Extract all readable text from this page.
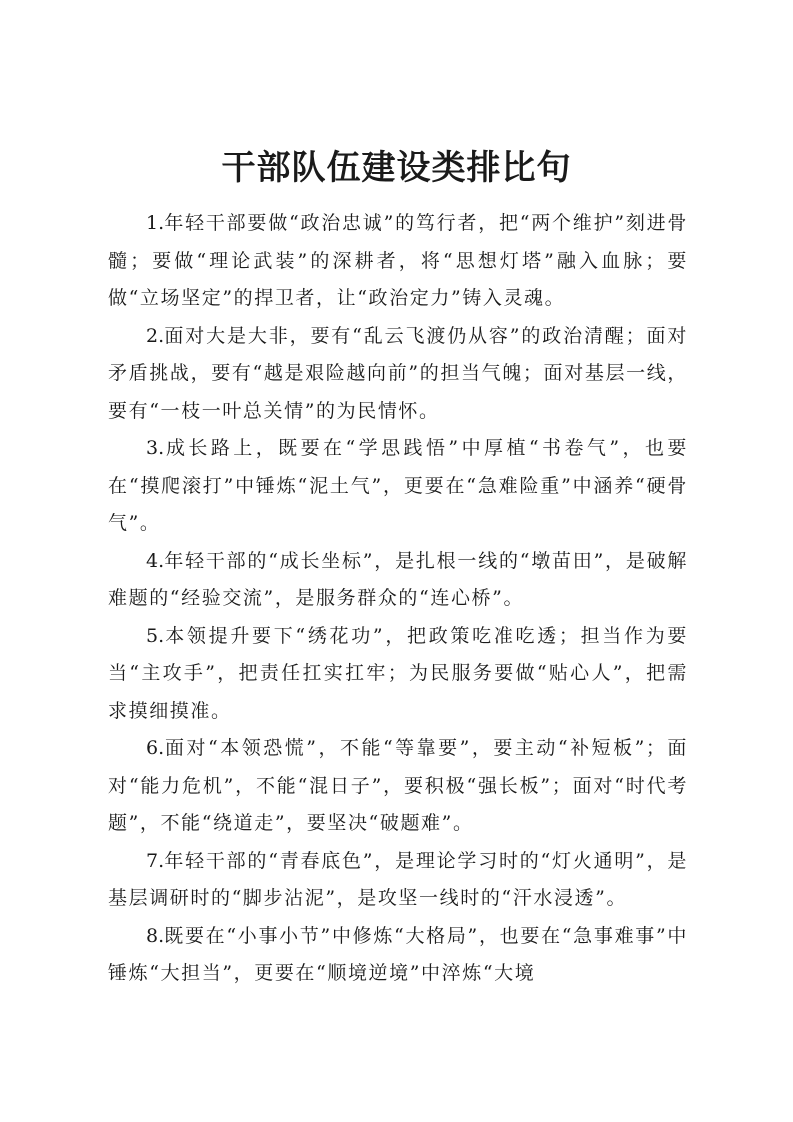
干部队伍建设类排比句

1.年轻干部要做“政治忠诚”的笃行者，把“两个维护”刻进骨髓；要做“理论武装”的深耕者，将“思想灯塔”融入血脉；要做“立场坚定”的捍卫者，让“政治定力”铸入灵魂。

2.面对大是大非，要有“乱云飞渡仍从容”的政治清醒；面对矛盾挑战，要有“越是艰险越向前”的担当气魄；面对基层一线，要有“一枝一叶总关情”的为民情怀。

3.成长路上，既要在“学思践悟”中厚植“书卷气”，也要在“摸爬滚打”中锤炼“泥土气”，更要在“急难险重”中涵养“硬骨气”。

4.年轻干部的“成长坐标”，是扎根一线的“墩苗田”，是破解难题的“经验交流”，是服务群众的“连心桥”。

5.本领提升要下“绣花功”，把政策吃准吃透；担当作为要当“主攻手”，把责任扛实扛牢；为民服务要做“贴心人”，把需求摸细摸准。

6.面对“本领恐慌”，不能“等靠要”，要主动“补短板”；面对“能力危机”，不能“混日子”，要积极“强长板”；面对“时代考题”，不能“绕道走”，要坚决“破题难”。

7.年轻干部的“青春底色”，是理论学习时的“灯火通明”，是基层调研时的“脚步沾泥”，是攻坚一线时的“汗水浸透”。

8.既要在“小事小节”中修炼“大格局”，也要在“急事难事”中锤炼“大担当”，更要在“顺境逆境”中淬炼“大境
